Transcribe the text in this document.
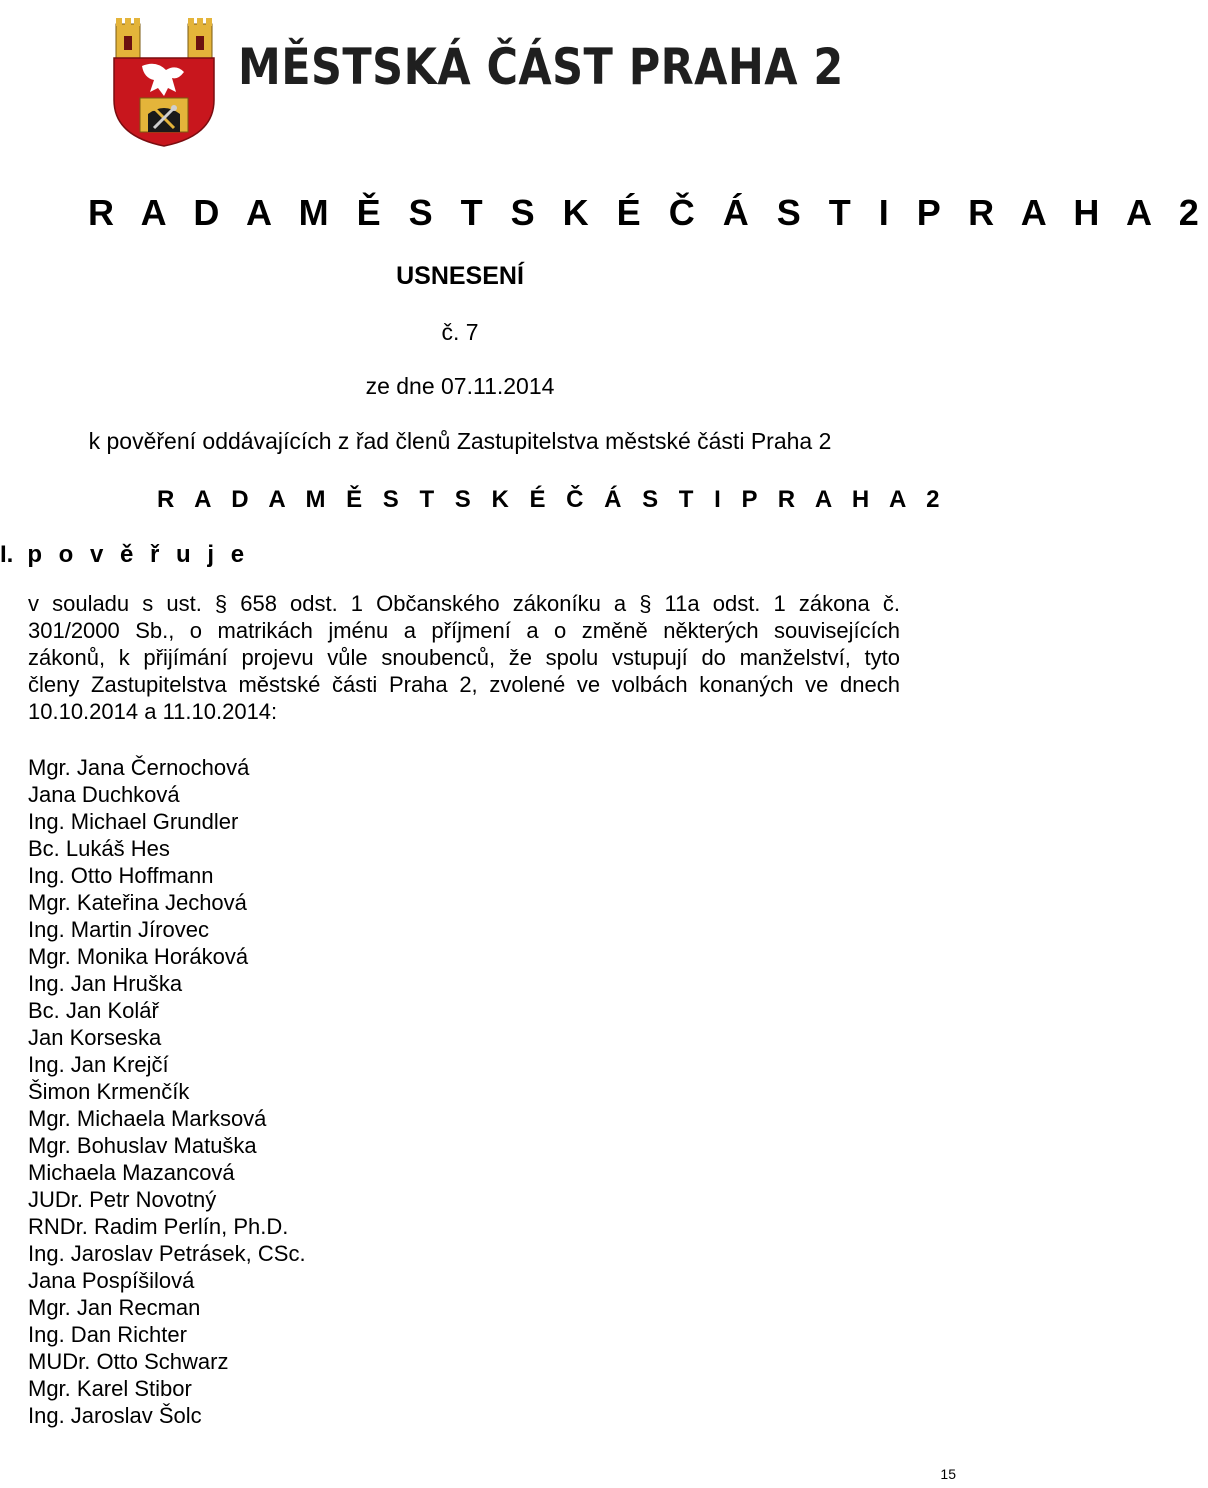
MĚSTSKÁ ČÁST PRAHA 2
R A D A M Ě S T S K É Č Á S T I P R A H A 2
USNESENÍ
č. 7
ze dne 07.11.2014
k pověření oddávajících z řad členů Zastupitelstva městské části Praha 2
R A D A M Ě S T S K É Č Á S T I P R A H A 2
I. p o v ě ř u j e
v souladu s ust. § 658 odst. 1 Občanského zákoníku a § 11a odst. 1 zákona č.
301/2000 Sb., o matrikách jménu a příjmení a o změně některých souvisejících
zákonů, k přijímání projevu vůle snoubenců, že spolu vstupují do manželství, tyto
členy Zastupitelstva městské části Praha 2, zvolené ve volbách konaných ve dnech
10.10.2014 a 11.10.2014:
Mgr. Jana Černochová
Jana Duchková
Ing. Michael Grundler
Bc. Lukáš Hes
Ing. Otto Hoffmann
Mgr. Kateřina Jechová
Ing. Martin Jírovec
Mgr. Monika Horáková
Ing. Jan Hruška
Bc. Jan Kolář
Jan Korseska
Ing. Jan Krejčí
Šimon Krmenčík
Mgr. Michaela Marksová
Mgr. Bohuslav Matuška
Michaela Mazancová
JUDr. Petr Novotný
RNDr. Radim Perlín, Ph.D.
Ing. Jaroslav Petrásek, CSc.
Jana Pospíšilová
Mgr. Jan Recman
Ing. Dan Richter
MUDr. Otto Schwarz
Mgr. Karel Stibor
Ing. Jaroslav Šolc
15
